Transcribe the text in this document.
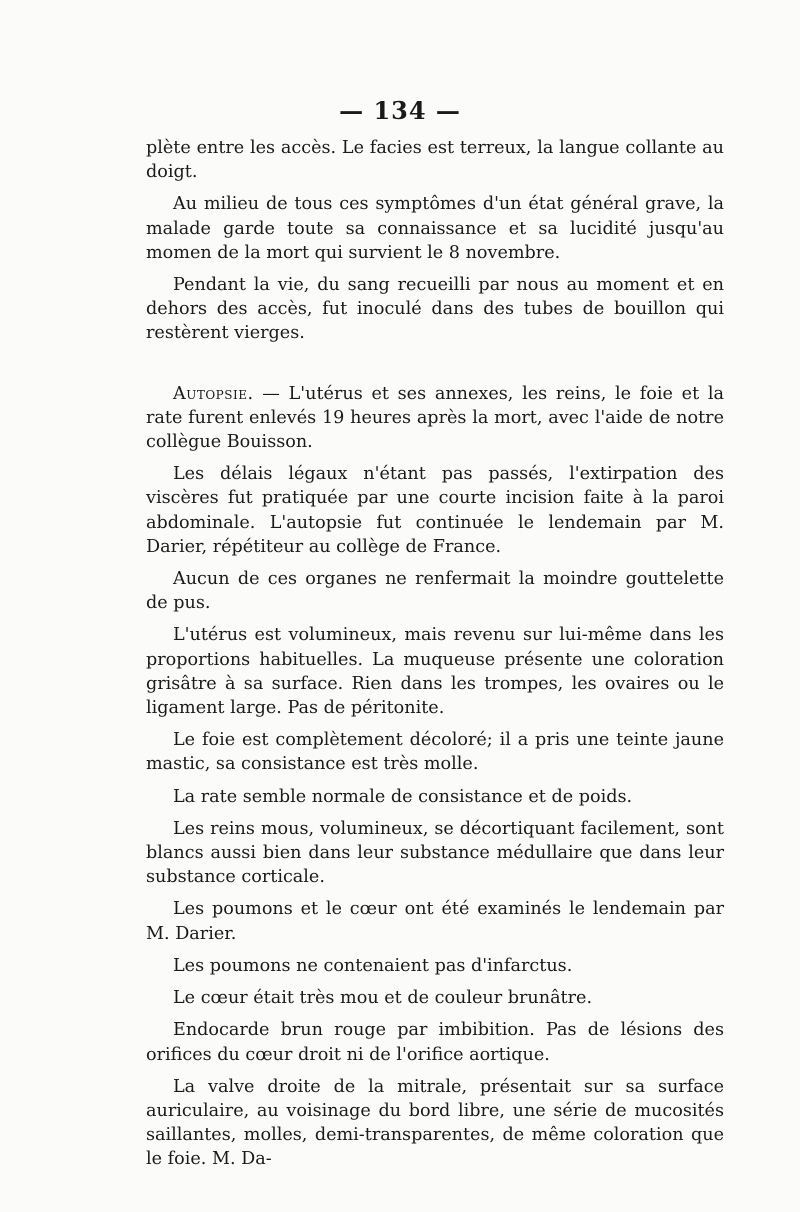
— 134 —

plète entre les accès. Le facies est terreux, la langue collante au doigt.

Au milieu de tous ces symptômes d'un état général grave, la malade garde toute sa connaissance et sa lucidité jusqu'au momen de la mort qui survient le 8 novembre.

Pendant la vie, du sang recueilli par nous au moment et en dehors des accès, fut inoculé dans des tubes de bouillon qui restèrent vierges.

Autopsie. — L'utérus et ses annexes, les reins, le foie et la rate furent enlevés 19 heures après la mort, avec l'aide de notre collègue Bouisson.

Les délais légaux n'étant pas passés, l'extirpation des viscères fut pratiquée par une courte incision faite à la paroi abdominale. L'autopsie fut continuée le lendemain par M. Darier, répétiteur au collège de France.

Aucun de ces organes ne renfermait la moindre gouttelette de pus.

L'utérus est volumineux, mais revenu sur lui-même dans les proportions habituelles. La muqueuse présente une coloration grisâtre à sa surface. Rien dans les trompes, les ovaires ou le ligament large. Pas de péritonite.

Le foie est complètement décoloré; il a pris une teinte jaune mastic, sa consistance est très molle.

La rate semble normale de consistance et de poids.

Les reins mous, volumineux, se décortiquant facilement, sont blancs aussi bien dans leur substance médullaire que dans leur substance corticale.

Les poumons et le cœur ont été examinés le lendemain par M. Darier.

Les poumons ne contenaient pas d'infarctus.

Le cœur était très mou et de couleur brunâtre.

Endocarde brun rouge par imbibition. Pas de lésions des orifices du cœur droit ni de l'orifice aortique.

La valve droite de la mitrale, présentait sur sa surface auriculaire, au voisinage du bord libre, une série de mucosités saillantes, molles, demi-transparentes, de même coloration que le foie. M. Da-
